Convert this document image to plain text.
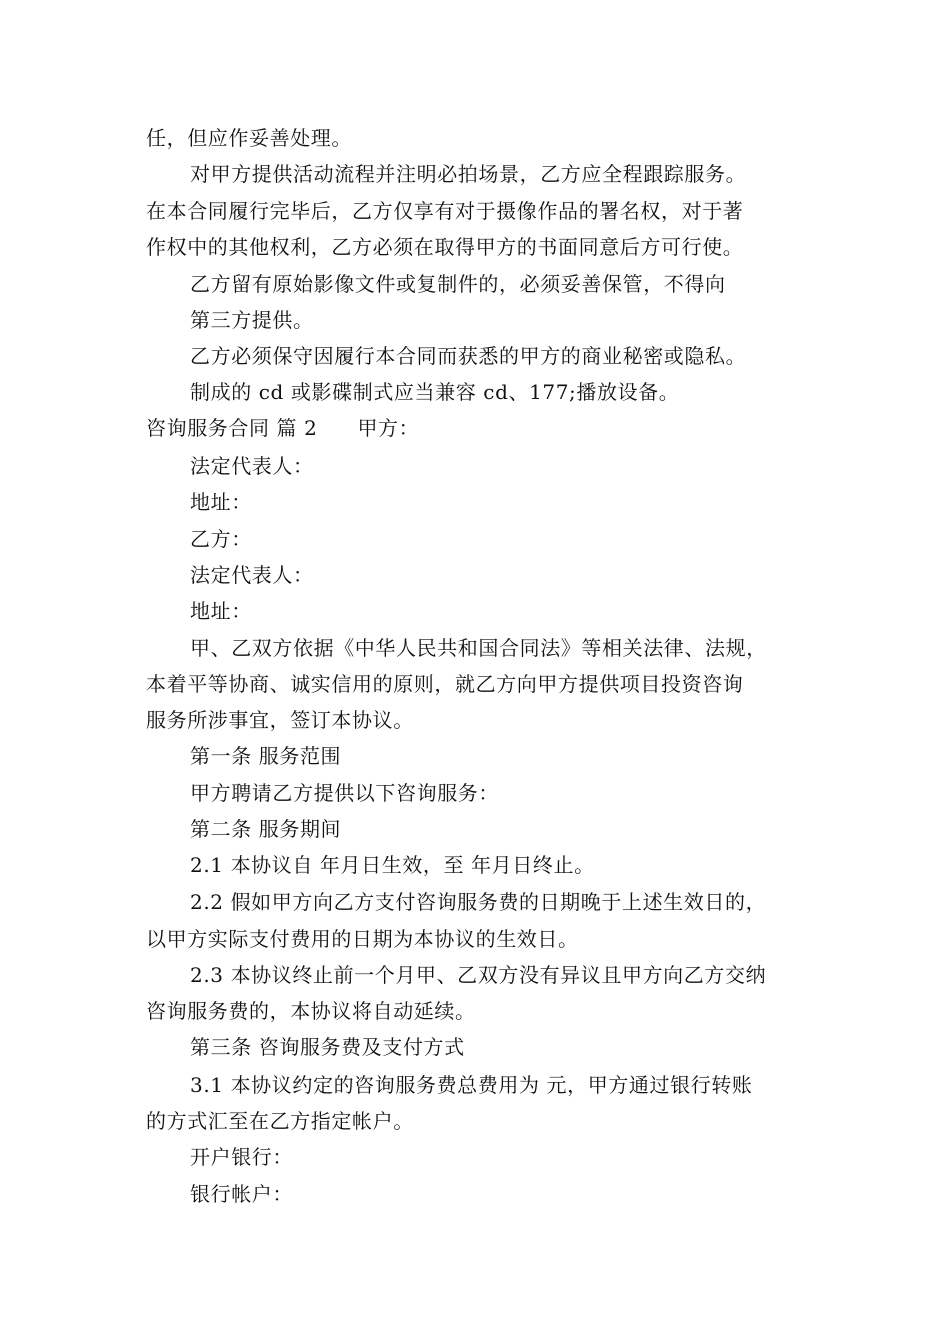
任，但应作妥善处理。
对甲方提供活动流程并注明必拍场景，乙方应全程跟踪服务。
在本合同履行完毕后，乙方仅享有对于摄像作品的署名权，对于著
作权中的其他权利，乙方必须在取得甲方的书面同意后方可行使。
乙方留有原始影像文件或复制件的，必须妥善保管，不得向
第三方提供。
乙方必须保守因履行本合同而获悉的甲方的商业秘密或隐私。
制成的 cd 或影碟制式应当兼容 cd、177;播放设备。
咨询服务合同 篇 2 甲方：
法定代表人：
地址：
乙方：
法定代表人：
地址：
甲、乙双方依据《中华人民共和国合同法》等相关法律、法规，
本着平等协商、诚实信用的原则，就乙方向甲方提供项目投资咨询
服务所涉事宜，签订本协议。
第一条 服务范围
甲方聘请乙方提供以下咨询服务：
第二条 服务期间
2.1 本协议自 年月日生效，至 年月日终止。
2.2 假如甲方向乙方支付咨询服务费的日期晚于上述生效日的，
以甲方实际支付费用的日期为本协议的生效日。
2.3 本协议终止前一个月甲、乙双方没有异议且甲方向乙方交纳
咨询服务费的，本协议将自动延续。
第三条 咨询服务费及支付方式
3.1 本协议约定的咨询服务费总费用为 元，甲方通过银行转账
的方式汇至在乙方指定帐户。
开户银行：
银行帐户：
